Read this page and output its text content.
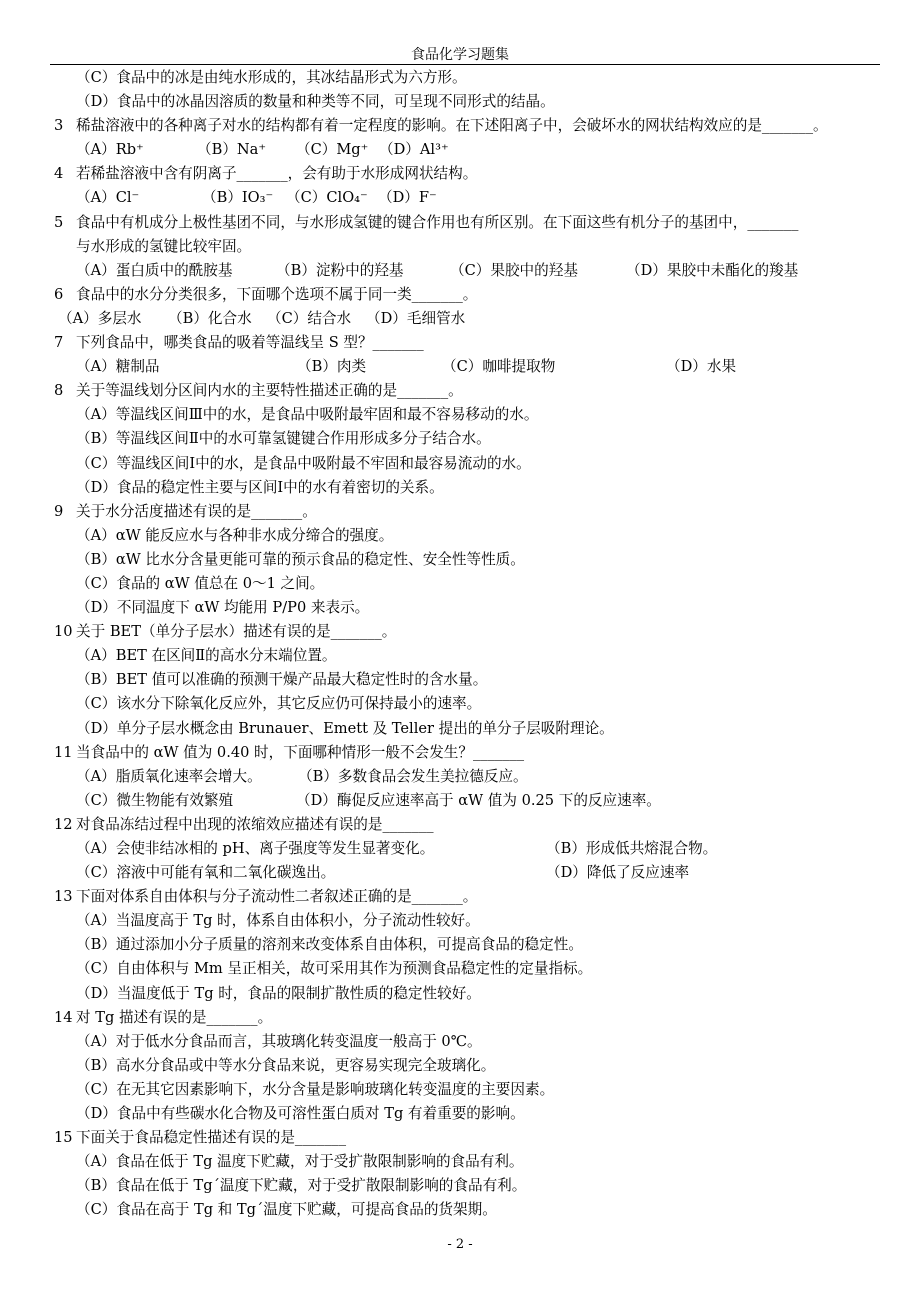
食品化学习题集
（C）食品中的冰是由纯水形成的，其冰结晶形式为六方形。
（D）食品中的冰晶因溶质的数量和种类等不同，可呈现不同形式的结晶。
3 稀盐溶液中的各种离子对水的结构都有着一定程度的影响。在下述阳离子中，会破坏水的网状结构效应的是_______。
（A）Rb⁺	（B）Na⁺ （C）Mg⁺ （D）Al³⁺
4 若稀盐溶液中含有阴离子_______，会有助于水形成网状结构。
（A）Cl⁻	（B）IO₃⁻ （C）ClO₄⁻ （D）F⁻
5 食品中有机成分上极性基团不同，与水形成氢键的键合作用也有所区别。在下面这些有机分子的基团中，_______
与水形成的氢键比较牢固。
（A）蛋白质中的酰胺基	（B）淀粉中的羟基	（C）果胶中的羟基	（D）果胶中未酯化的羧基
6 食品中的水分分类很多，下面哪个选项不属于同一类_______。
（A）多层水 （B）化合水 （C）结合水 （D）毛细管水
7 下列食品中，哪类食品的吸着等温线呈 S 型？_______
（A）糖制品	（B）肉类	（C）咖啡提取物	（D）水果
8 关于等温线划分区间内水的主要特性描述正确的是_______。
（A）等温线区间Ⅲ中的水，是食品中吸附最牢固和最不容易移动的水。
（B）等温线区间Ⅱ中的水可靠氢键键合作用形成多分子结合水。
（C）等温线区间Ⅰ中的水，是食品中吸附最不牢固和最容易流动的水。
（D）食品的稳定性主要与区间Ⅰ中的水有着密切的关系。
9 关于水分活度描述有误的是_______。
（A）αW 能反应水与各种非水成分缔合的强度。
（B）αW 比水分含量更能可靠的预示食品的稳定性、安全性等性质。
（C）食品的 αW 值总在 0～1 之间。
（D）不同温度下 αW 均能用 P/P0 来表示。
10 关于 BET（单分子层水）描述有误的是_______。
（A）BET 在区间Ⅱ的高水分末端位置。
（B）BET 值可以准确的预测干燥产品最大稳定性时的含水量。
（C）该水分下除氧化反应外，其它反应仍可保持最小的速率。
（D）单分子层水概念由 Brunauer、Emett 及 Teller 提出的单分子层吸附理论。
11 当食品中的 αW 值为 0.40 时，下面哪种情形一般不会发生？_______
（A）脂质氧化速率会增大。 （B）多数食品会发生美拉德反应。
（C）微生物能有效繁殖	（D）酶促反应速率高于 αW 值为 0.25 下的反应速率。
12 对食品冻结过程中出现的浓缩效应描述有误的是_______
（A）会使非结冰相的 pH、离子强度等发生显著变化。	（B）形成低共熔混合物。
（C）溶液中可能有氧和二氧化碳逸出。	（D）降低了反应速率
13 下面对体系自由体积与分子流动性二者叙述正确的是_______。
（A）当温度高于 Tg 时，体系自由体积小，分子流动性较好。
（B）通过添加小分子质量的溶剂来改变体系自由体积，可提高食品的稳定性。
（C）自由体积与 Mm 呈正相关，故可采用其作为预测食品稳定性的定量指标。
（D）当温度低于 Tg 时，食品的限制扩散性质的稳定性较好。
14 对 Tg 描述有误的是_______。
（A）对于低水分食品而言，其玻璃化转变温度一般高于 0℃。
（B）高水分食品或中等水分食品来说，更容易实现完全玻璃化。
（C）在无其它因素影响下，水分含量是影响玻璃化转变温度的主要因素。
（D）食品中有些碳水化合物及可溶性蛋白质对 Tg 有着重要的影响。
15 下面关于食品稳定性描述有误的是_______
（A）食品在低于 Tg 温度下贮藏，对于受扩散限制影响的食品有利。
（B）食品在低于 Tg´温度下贮藏，对于受扩散限制影响的食品有利。
（C）食品在高于 Tg 和 Tg´温度下贮藏，可提高食品的货架期。
- 2 -
